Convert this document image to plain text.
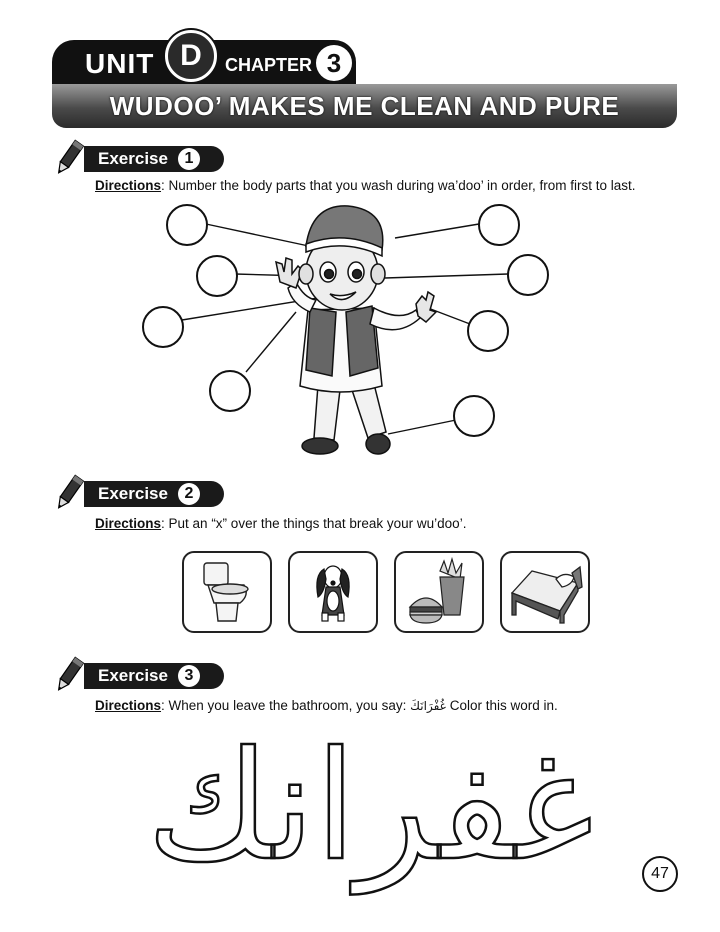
UNIT D	CHAPTER 3
WUDOO’ MAKES ME CLEAN AND PURE
Exercise	1
Directions: Number the body parts that you wash during wa’doo’ in order, from first to last.
Exercise	2
Directions: Put an “x” over the things that break your wu’doo’.
Exercise	3
Directions: When you leave the bathroom, you say: غُفْرَانَكَ Color this word in.
غفرانك	47
